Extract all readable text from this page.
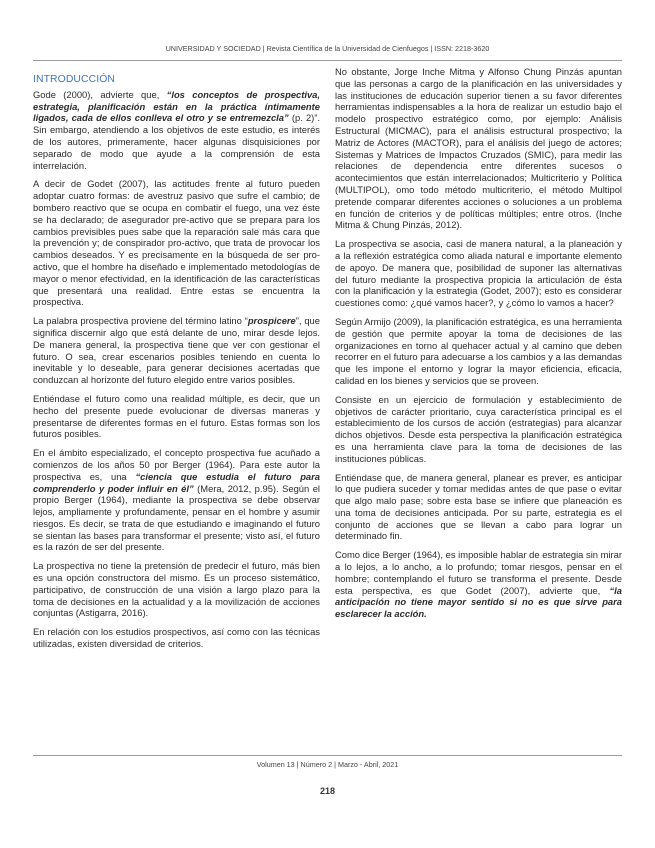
UNIVERSIDAD Y SOCIEDAD | Revista Científica de la Universidad de Cienfuegos | ISSN: 2218-3620
INTRODUCCIÓN

Gode (2000), advierte que, “los conceptos de prospectiva, estrategia, planificación están en la práctica íntimamente ligados, cada de ellos conlleva el otro y se entremezcla” (p. 2)”. Sin embargo, atendiendo a los objetivos de este estudio, es interés de los autores, primeramente, hacer algunas disquisiciones por separado de modo que ayude a la comprensión de esta interrelación.

A decir de Godet (2007), las actitudes frente al futuro pueden adoptar cuatro formas: de avestruz pasivo que sufre el cambio; de bombero reactivo que se ocupa en combatir el fuego, una vez éste se ha declarado; de asegurador pre-activo que se prepara para los cambios previsibles pues sabe que la reparación sale más cara que la prevención y; de conspirador pro-activo, que trata de provocar los cambios deseados. Y es precisamente en la búsqueda de ser pro-activo, que el hombre ha diseñado e implementado metodologías de mayor o menor efectividad, en la identificación de las características que presentará una realidad. Entre estas se encuentra la prospectiva.

La palabra prospectiva proviene del término latino “prospicere”, que significa discernir algo que está delante de uno, mirar desde lejos. De manera general, la prospectiva tiene que ver con gestionar el futuro. O sea, crear escenarios posibles teniendo en cuenta lo inevitable y lo deseable, para generar decisiones acertadas que conduzcan al horizonte del futuro elegido entre varios posibles.

Entiéndase el futuro como una realidad múltiple, es decir, que un hecho del presente puede evolucionar de diversas maneras y presentarse de diferentes formas en el futuro. Estas formas son los futuros posibles.

En el ámbito especializado, el concepto prospectiva fue acuñado a comienzos de los años 50 por Berger (1964). Para este autor la prospectiva es, una “ciencia que estudia el futuro para comprenderlo y poder influir en él” (Mera, 2012, p.95). Según el propio Berger (1964), mediante la prospectiva se debe observar lejos, ampliamente y profundamente, pensar en el hombre y asumir riesgos. Es decir, se trata de que estudiando e imaginando el futuro se sientan las bases para transformar el presente; visto así, el futuro es la razón de ser del presente.

La prospectiva no tiene la pretensión de predecir el futuro, más bien es una opción constructora del mismo. Es un proceso sistemático, participativo, de construcción de una visión a largo plazo para la toma de decisiones en la actualidad y a la movilización de acciones conjuntas (Astigarra, 2016).

En relación con los estudios prospectivos, así como con las técnicas utilizadas, existen diversidad de criterios.

No obstante, Jorge Inche Mitma y Alfonso Chung Pinzás apuntan que las personas a cargo de la planificación en las universidades y las instituciones de educación superior tienen a su favor diferentes herramientas indispensables a la hora de realizar un estudio bajo el modelo prospectivo estratégico como, por ejemplo: Análisis Estructural (MICMAC), para el análisis estructural prospectivo; la Matriz de Actores (MACTOR), para el análisis del juego de actores; Sistemas y Matrices de Impactos Cruzados (SMIC), para medir las relaciones de dependencia entre diferentes sucesos o acontecimientos que están interrelacionados; Multicriterio y Política (MULTIPOL), omo todo método multicriterio, el método Multipol pretende comparar diferentes acciones o soluciones a un problema en función de criterios y de políticas múltiples; entre otros. (Inche Mitma & Chung Pinzás, 2012).

La prospectiva se asocia, casi de manera natural, a la planeación y a la reflexión estratégica como aliada natural e importante elemento de apoyo. De manera que, posibilidad de suponer las alternativas del futuro mediante la prospectiva propicia la articulación de ésta con la planificación y la estrategia (Godet, 2007); esto es considerar cuestiones como: ¿qué vamos hacer?, y ¿cómo lo vamos a hacer?

Según Armijo (2009), la planificación estratégica, es una herramienta de gestión que permite apoyar la toma de decisiones de las organizaciones en torno al quehacer actual y al camino que deben recorrer en el futuro para adecuarse a los cambios y a las demandas que les impone el entorno y lograr la mayor eficiencia, eficacia, calidad en los bienes y servicios que se proveen.

Consiste en un ejercicio de formulación y establecimiento de objetivos de carácter prioritario, cuya característica principal es el establecimiento de los cursos de acción (estrategias) para alcanzar dichos objetivos. Desde esta perspectiva la planificación estratégica es una herramienta clave para la toma de decisiones de las instituciones públicas.

Entiéndase que, de manera general, planear es prever, es anticipar lo que pudiera suceder y tomar medidas antes de que pase o evitar que algo malo pase; sobre esta base se infiere que planeación es una toma de decisiones anticipada. Por su parte, estrategia es el conjunto de acciones que se llevan a cabo para lograr un determinado fin.

Como dice Berger (1964), es imposible hablar de estrategia sin mirar a lo lejos, a lo ancho, a lo profundo; tomar riesgos, pensar en el hombre; contemplando el futuro se transforma el presente. Desde esta perspectiva, es que Godet (2007), advierte que, “la anticipación no tiene mayor sentido si no es que sirve para esclarecer la acción.

Volumen 13 | Número 2 | Marzo - Abril, 2021
218
